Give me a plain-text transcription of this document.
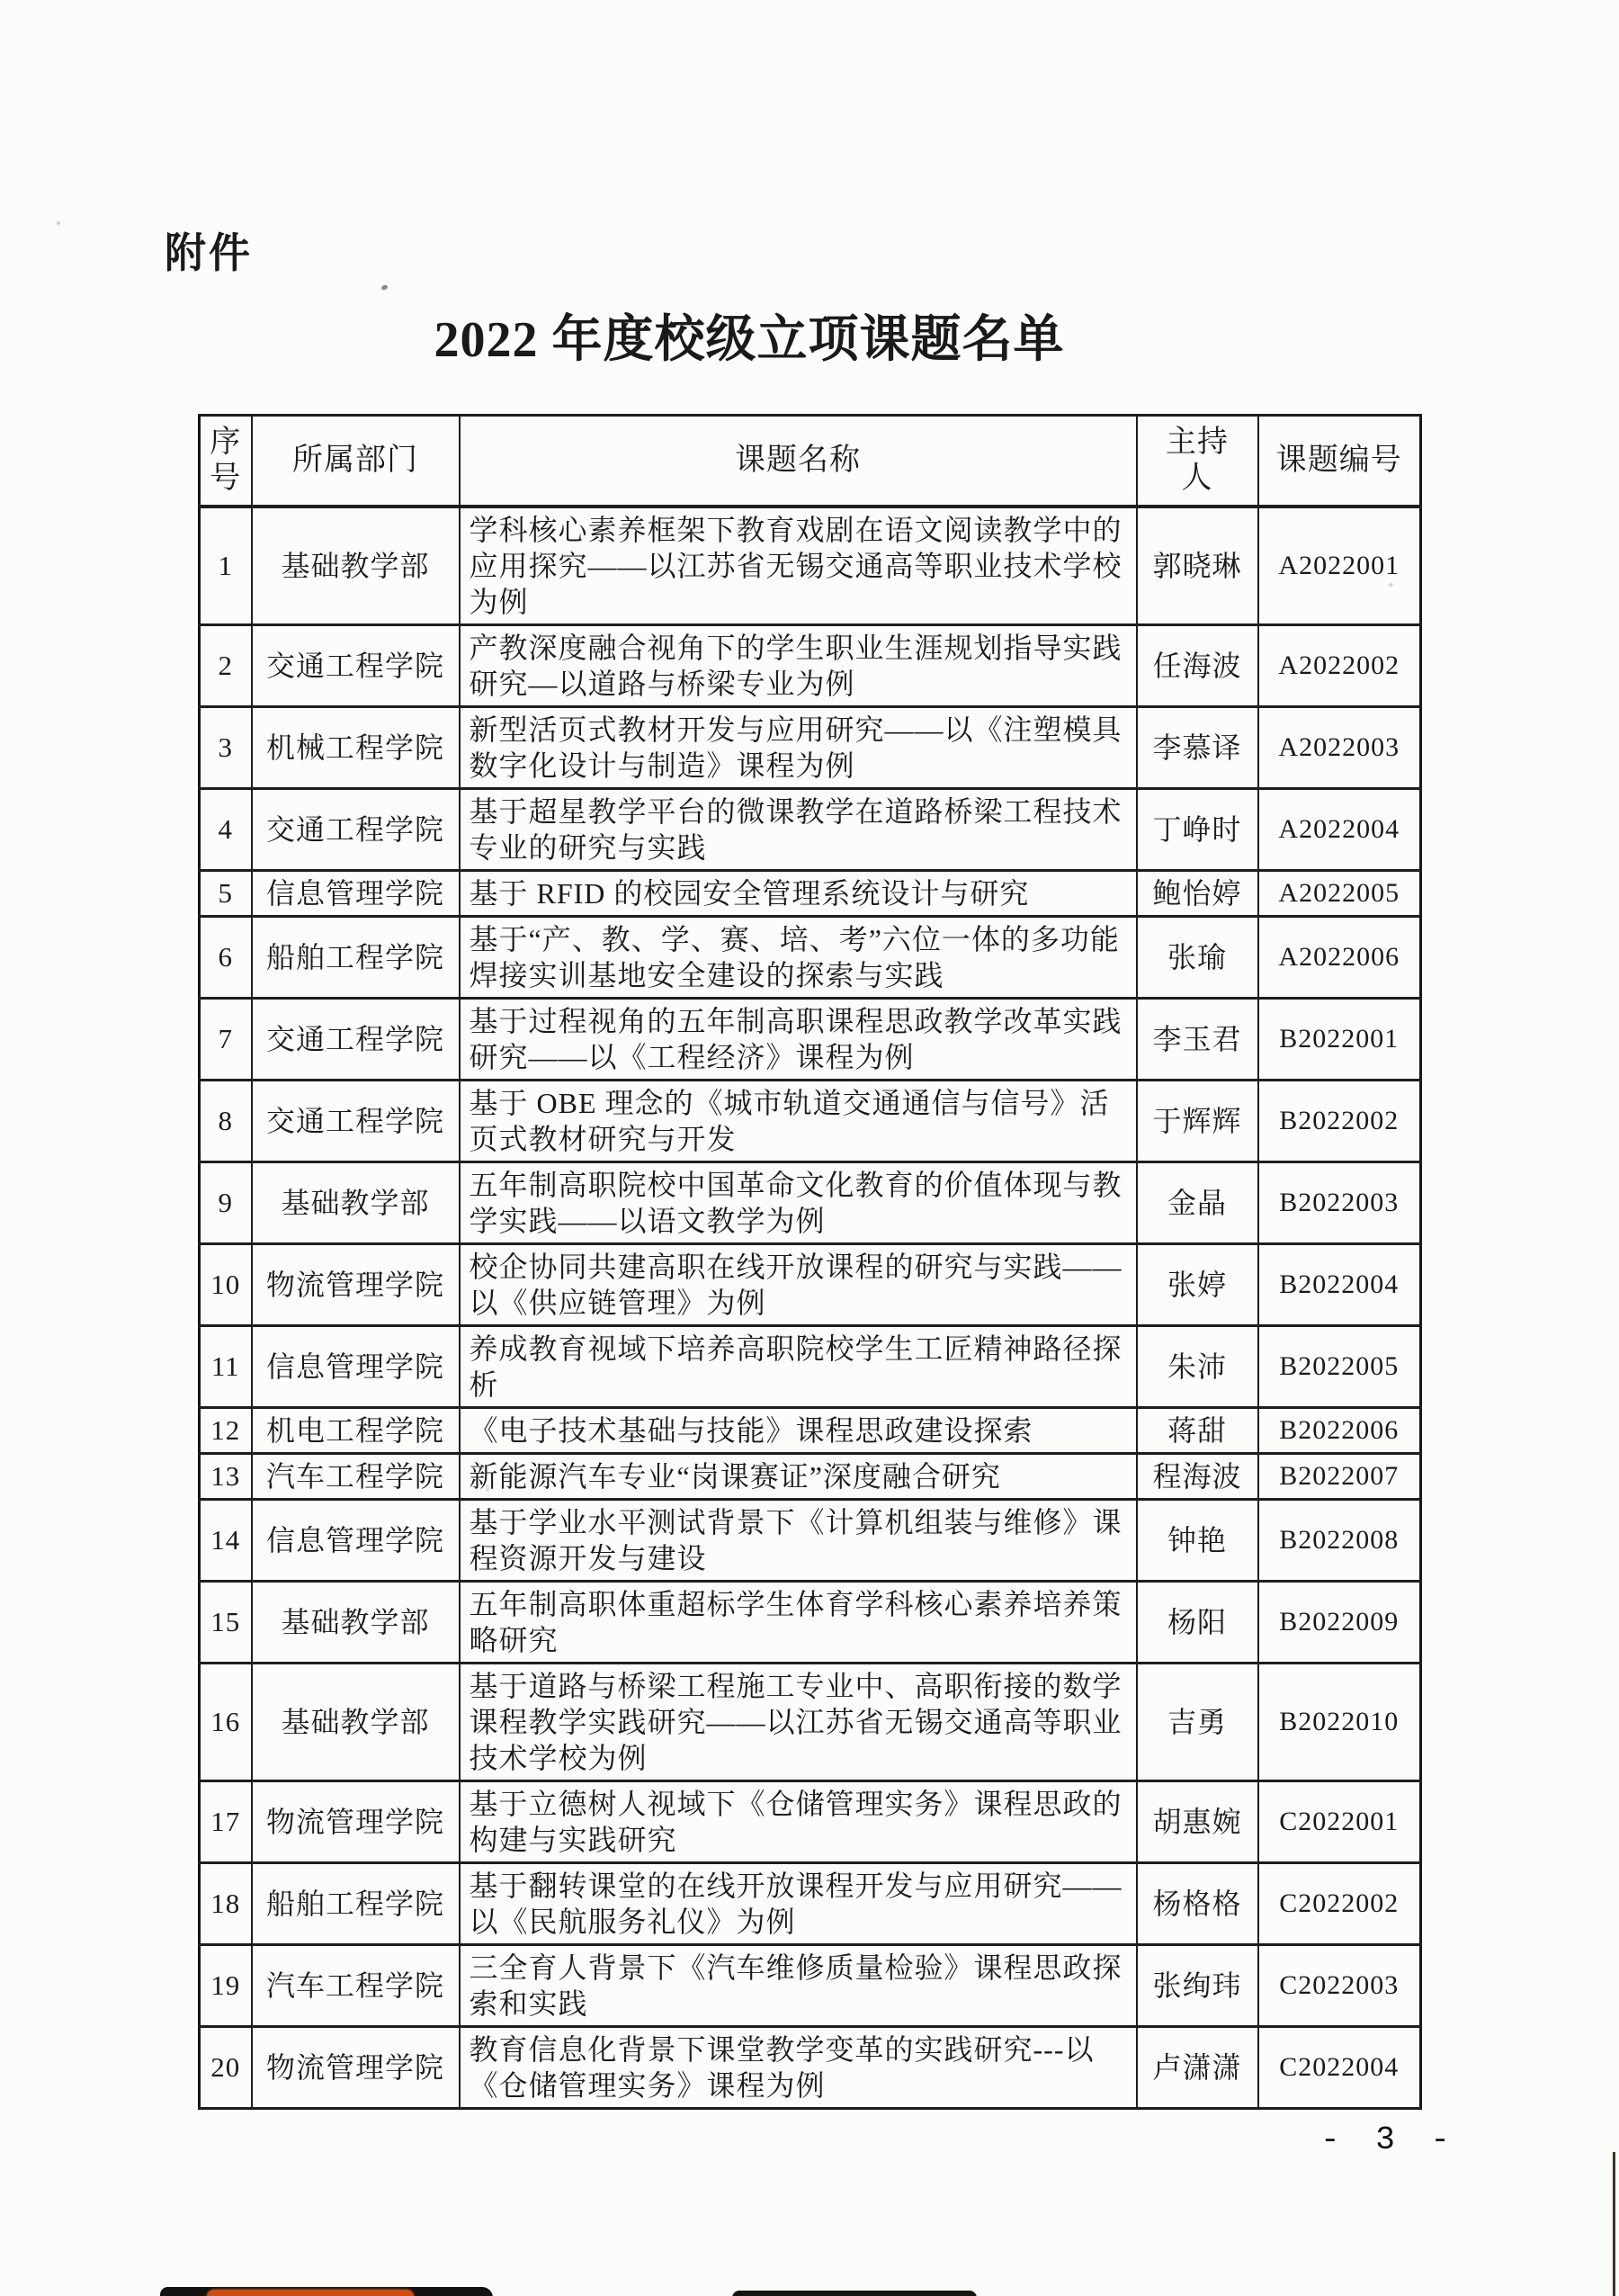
附件
2022 年度校级立项课题名单
序号	所属部门	课题名称	主持人	课题编号
1	基础教学部	学科核心素养框架下教育戏剧在语文阅读教学中的应用探究——以江苏省无锡交通高等职业技术学校为例	郭晓琳	A2022001
2	交通工程学院	产教深度融合视角下的学生职业生涯规划指导实践研究—以道路与桥梁专业为例	任海波	A2022002
3	机械工程学院	新型活页式教材开发与应用研究——以《注塑模具数字化设计与制造》课程为例	李慕译	A2022003
4	交通工程学院	基于超星教学平台的微课教学在道路桥梁工程技术专业的研究与实践	丁峥时	A2022004
5	信息管理学院	基于 RFID 的校园安全管理系统设计与研究	鲍怡婷	A2022005
6	船舶工程学院	基于“产、教、学、赛、培、考”六位一体的多功能焊接实训基地安全建设的探索与实践	张瑜	A2022006
7	交通工程学院	基于过程视角的五年制高职课程思政教学改革实践研究——以《工程经济》课程为例	李玉君	B2022001
8	交通工程学院	基于 OBE 理念的《城市轨道交通通信与信号》活页式教材研究与开发	于辉辉	B2022002
9	基础教学部	五年制高职院校中国革命文化教育的价值体现与教学实践——以语文教学为例	金晶	B2022003
10	物流管理学院	校企协同共建高职在线开放课程的研究与实践——以《供应链管理》为例	张婷	B2022004
11	信息管理学院	养成教育视域下培养高职院校学生工匠精神路径探析	朱沛	B2022005
12	机电工程学院	《电子技术基础与技能》课程思政建设探索	蒋甜	B2022006
13	汽车工程学院	新能源汽车专业“岗课赛证”深度融合研究	程海波	B2022007
14	信息管理学院	基于学业水平测试背景下《计算机组装与维修》课程资源开发与建设	钟艳	B2022008
15	基础教学部	五年制高职体重超标学生体育学科核心素养培养策略研究	杨阳	B2022009
16	基础教学部	基于道路与桥梁工程施工专业中、高职衔接的数学课程教学实践研究——以江苏省无锡交通高等职业技术学校为例	吉勇	B2022010
17	物流管理学院	基于立德树人视域下《仓储管理实务》课程思政的构建与实践研究	胡惠婉	C2022001
18	船舶工程学院	基于翻转课堂的在线开放课程开发与应用研究——以《民航服务礼仪》为例	杨格格	C2022002
19	汽车工程学院	三全育人背景下《汽车维修质量检验》课程思政探索和实践	张绚玮	C2022003
20	物流管理学院	教育信息化背景下课堂教学变革的实践研究---以《仓储管理实务》课程为例	卢潇潇	C2022004
- 3 -
